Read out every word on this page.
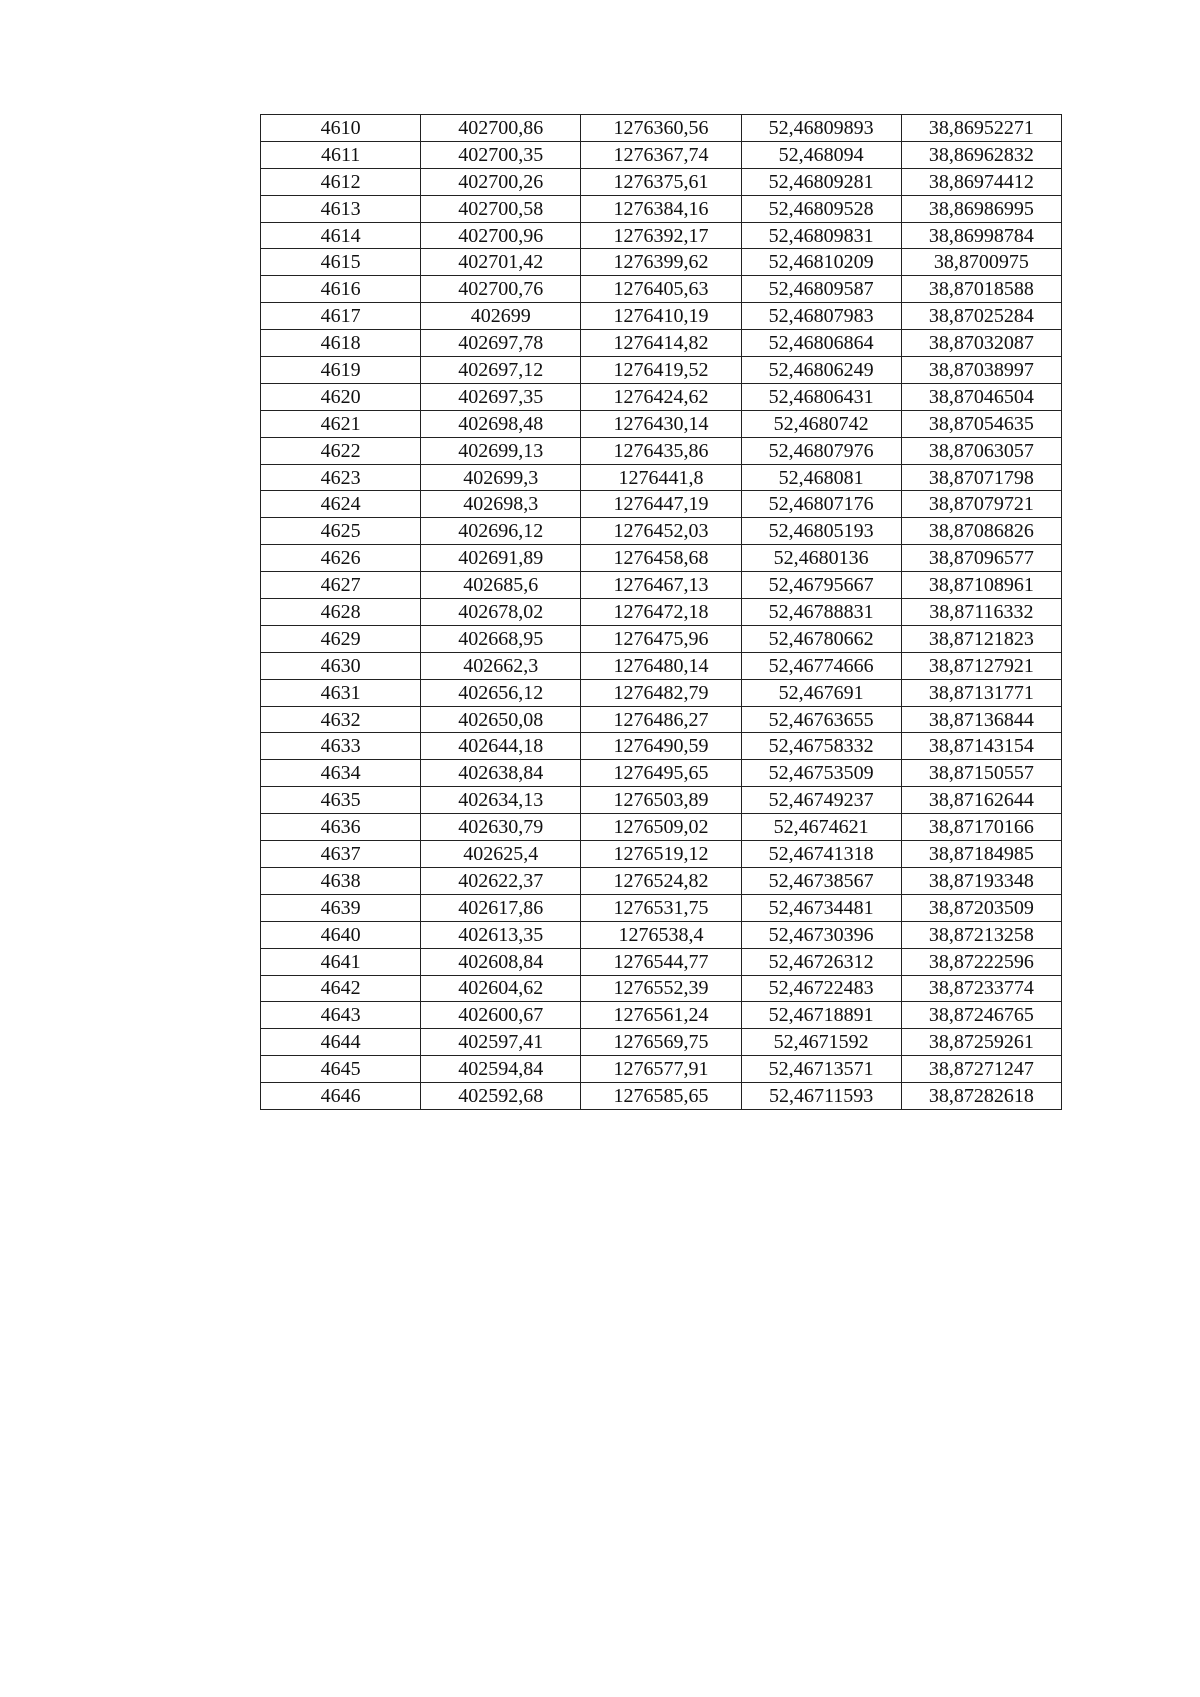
4610	402700,86	1276360,56	52,46809893	38,86952271
4611	402700,35	1276367,74	52,468094	38,86962832
4612	402700,26	1276375,61	52,46809281	38,86974412
4613	402700,58	1276384,16	52,46809528	38,86986995
4614	402700,96	1276392,17	52,46809831	38,86998784
4615	402701,42	1276399,62	52,46810209	38,8700975
4616	402700,76	1276405,63	52,46809587	38,87018588
4617	402699	1276410,19	52,46807983	38,87025284
4618	402697,78	1276414,82	52,46806864	38,87032087
4619	402697,12	1276419,52	52,46806249	38,87038997
4620	402697,35	1276424,62	52,46806431	38,87046504
4621	402698,48	1276430,14	52,4680742	38,87054635
4622	402699,13	1276435,86	52,46807976	38,87063057
4623	402699,3	1276441,8	52,468081	38,87071798
4624	402698,3	1276447,19	52,46807176	38,87079721
4625	402696,12	1276452,03	52,46805193	38,87086826
4626	402691,89	1276458,68	52,4680136	38,87096577
4627	402685,6	1276467,13	52,46795667	38,87108961
4628	402678,02	1276472,18	52,46788831	38,87116332
4629	402668,95	1276475,96	52,46780662	38,87121823
4630	402662,3	1276480,14	52,46774666	38,87127921
4631	402656,12	1276482,79	52,467691	38,87131771
4632	402650,08	1276486,27	52,46763655	38,87136844
4633	402644,18	1276490,59	52,46758332	38,87143154
4634	402638,84	1276495,65	52,46753509	38,87150557
4635	402634,13	1276503,89	52,46749237	38,87162644
4636	402630,79	1276509,02	52,4674621	38,87170166
4637	402625,4	1276519,12	52,46741318	38,87184985
4638	402622,37	1276524,82	52,46738567	38,87193348
4639	402617,86	1276531,75	52,46734481	38,87203509
4640	402613,35	1276538,4	52,46730396	38,87213258
4641	402608,84	1276544,77	52,46726312	38,87222596
4642	402604,62	1276552,39	52,46722483	38,87233774
4643	402600,67	1276561,24	52,46718891	38,87246765
4644	402597,41	1276569,75	52,4671592	38,87259261
4645	402594,84	1276577,91	52,46713571	38,87271247
4646	402592,68	1276585,65	52,46711593	38,87282618
